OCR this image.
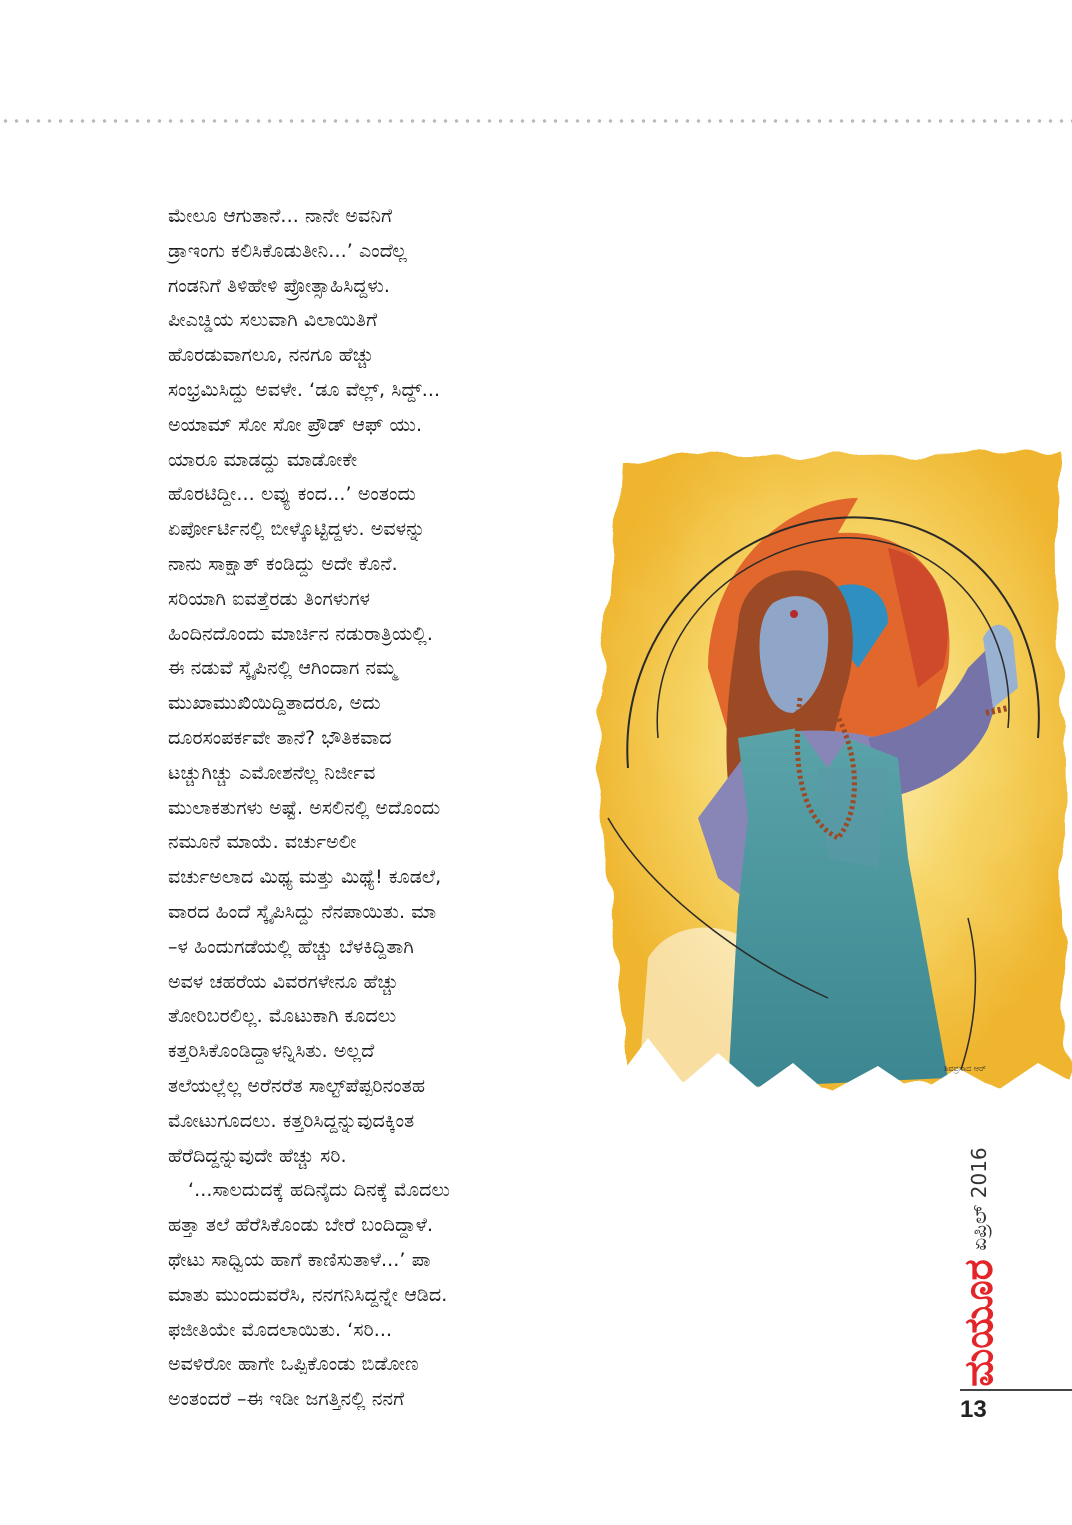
ಮೇಲೂ ಆಗುತಾನೆ... ನಾನೇ ಅವನಿಗೆ
ಡ್ರಾಇಂಗು ಕಲಿಸಿಕೊಡುತೀನಿ...’ ಎಂದೆಲ್ಲ
ಗಂಡನಿಗೆ ತಿಳಿಹೇಳಿ ಪ್ರೋತ್ಸಾಹಿಸಿದ್ದಳು.
ಪೀಎಚ್ಡಿಯ ಸಲುವಾಗಿ ವಿಲಾಯಿತಿಗೆ
ಹೊರಡುವಾಗಲೂ, ನನಗೂ ಹೆಚ್ಚು
ಸಂಭ್ರಮಿಸಿದ್ದು ಅವಳೇ. ‘ಡೂ ವೆಲ್ಲ್, ಸಿದ್ದ್...
ಅಯಾಮ್ ಸೋ ಸೋ ಪ್ರೌಡ್ ಆಫ್ ಯು.
ಯಾರೂ ಮಾಡದ್ದು ಮಾಡೋಕೇ
ಹೊರಟಿದ್ದೀ... ಲವ್ಯು ಕಂದ...’ ಅಂತಂದು
ಏರ್ಪೋರ್ಟಿನಲ್ಲಿ ಬೀಳ್ಕೊಟ್ಟಿದ್ದಳು. ಅವಳನ್ನು
ನಾನು ಸಾಕ್ಷಾತ್ ಕಂಡಿದ್ದು ಅದೇ ಕೊನೆ.
ಸರಿಯಾಗಿ ಐವತ್ತೆರಡು ತಿಂಗಳುಗಳ
ಹಿಂದಿನದೊಂದು ಮಾರ್ಚಿನ ನಡುರಾತ್ರಿಯಲ್ಲಿ.
ಈ ನಡುವೆ ಸ್ಕೈಪಿನಲ್ಲಿ ಆಗಿಂದಾಗ ನಮ್ಮ
ಮುಖಾಮುಖಿಯಿದ್ದಿತಾದರೂ, ಅದು
ದೂರಸಂಪರ್ಕವೇ ತಾನೆ? ಭೌತಿಕವಾದ
ಟಚ್ಚುಗಿಚ್ಚು ಎಮೋಶನೆಲ್ಲ ನಿರ್ಜೀವ
ಮುಲಾಕತುಗಳು ಅಷ್ಟೆ. ಅಸಲಿನಲ್ಲಿ ಅದೊಂದು
ನಮೂನೆ ಮಾಯೆ. ವರ್ಚುಅಲೀ
ವರ್ಚುಅಲಾದ ಮಿಥ್ಯ ಮತ್ತು ಮಿಥ್ಯೆ! ಕೂಡಲೆ,
ವಾರದ ಹಿಂದೆ ಸ್ಕೈಪಿಸಿದ್ದು ನೆನಪಾಯಿತು. ಮಾ
–ಳ ಹಿಂದುಗಡೆಯಲ್ಲಿ ಹೆಚ್ಚು ಬೆಳಕಿದ್ದಿತಾಗಿ
ಅವಳ ಚಹರೆಯ ವಿವರಗಳೇನೂ ಹೆಚ್ಚು
ತೋರಿಬರಲಿಲ್ಲ. ಮೊಟುಕಾಗಿ ಕೂದಲು
ಕತ್ತರಿಸಿಕೊಂಡಿದ್ದಾಳನ್ನಿಸಿತು. ಅಲ್ಲದೆ
ತಲೆಯಲ್ಲೆಲ್ಲ ಅರೆನರೆತ ಸಾಲ್ಟ್‌ಪೆಪ್ಪರಿನಂತಹ
ಮೋಟುಗೂದಲು. ಕತ್ತರಿಸಿದ್ದನ್ನುವುದಕ್ಕಿಂತ
ಹೆರೆದಿದ್ದನ್ನುವುದೇ ಹೆಚ್ಚು ಸರಿ.
‘...ಸಾಲದುದಕ್ಕೆ ಹದಿನೈದು ದಿನಕ್ಕೆ ಮೊದಲು
ಹತ್ತಾ ತಲೆ ಹೆರೆಸಿಕೊಂಡು ಬೇರೆ ಬಂದಿದ್ದಾಳೆ.
ಥೇಟು ಸಾಧ್ವಿಯ ಹಾಗೆ ಕಾಣಿಸುತಾಳೆ...’ ಪಾ
ಮಾತು ಮುಂದುವರೆಸಿ, ನನಗನಿಸಿದ್ದನ್ನೇ ಆಡಿದ.
ಫಜೀತಿಯೇ ಮೊದಲಾಯಿತು. ‘ಸರಿ...
ಅವಳಿರೋ ಹಾಗೇ ಒಪ್ಪಿಕೊಂಡು ಬಿಡೋಣ
ಅಂತಂದರೆ –ಈ ಇಡೀ ಜಗತ್ತಿನಲ್ಲಿ ನನಗೆ
ಶಿವಪ್ರಸಾದ ಆರ್
ಏಪ್ರಿಲ್ 2016
ಮಯೂರ
13
